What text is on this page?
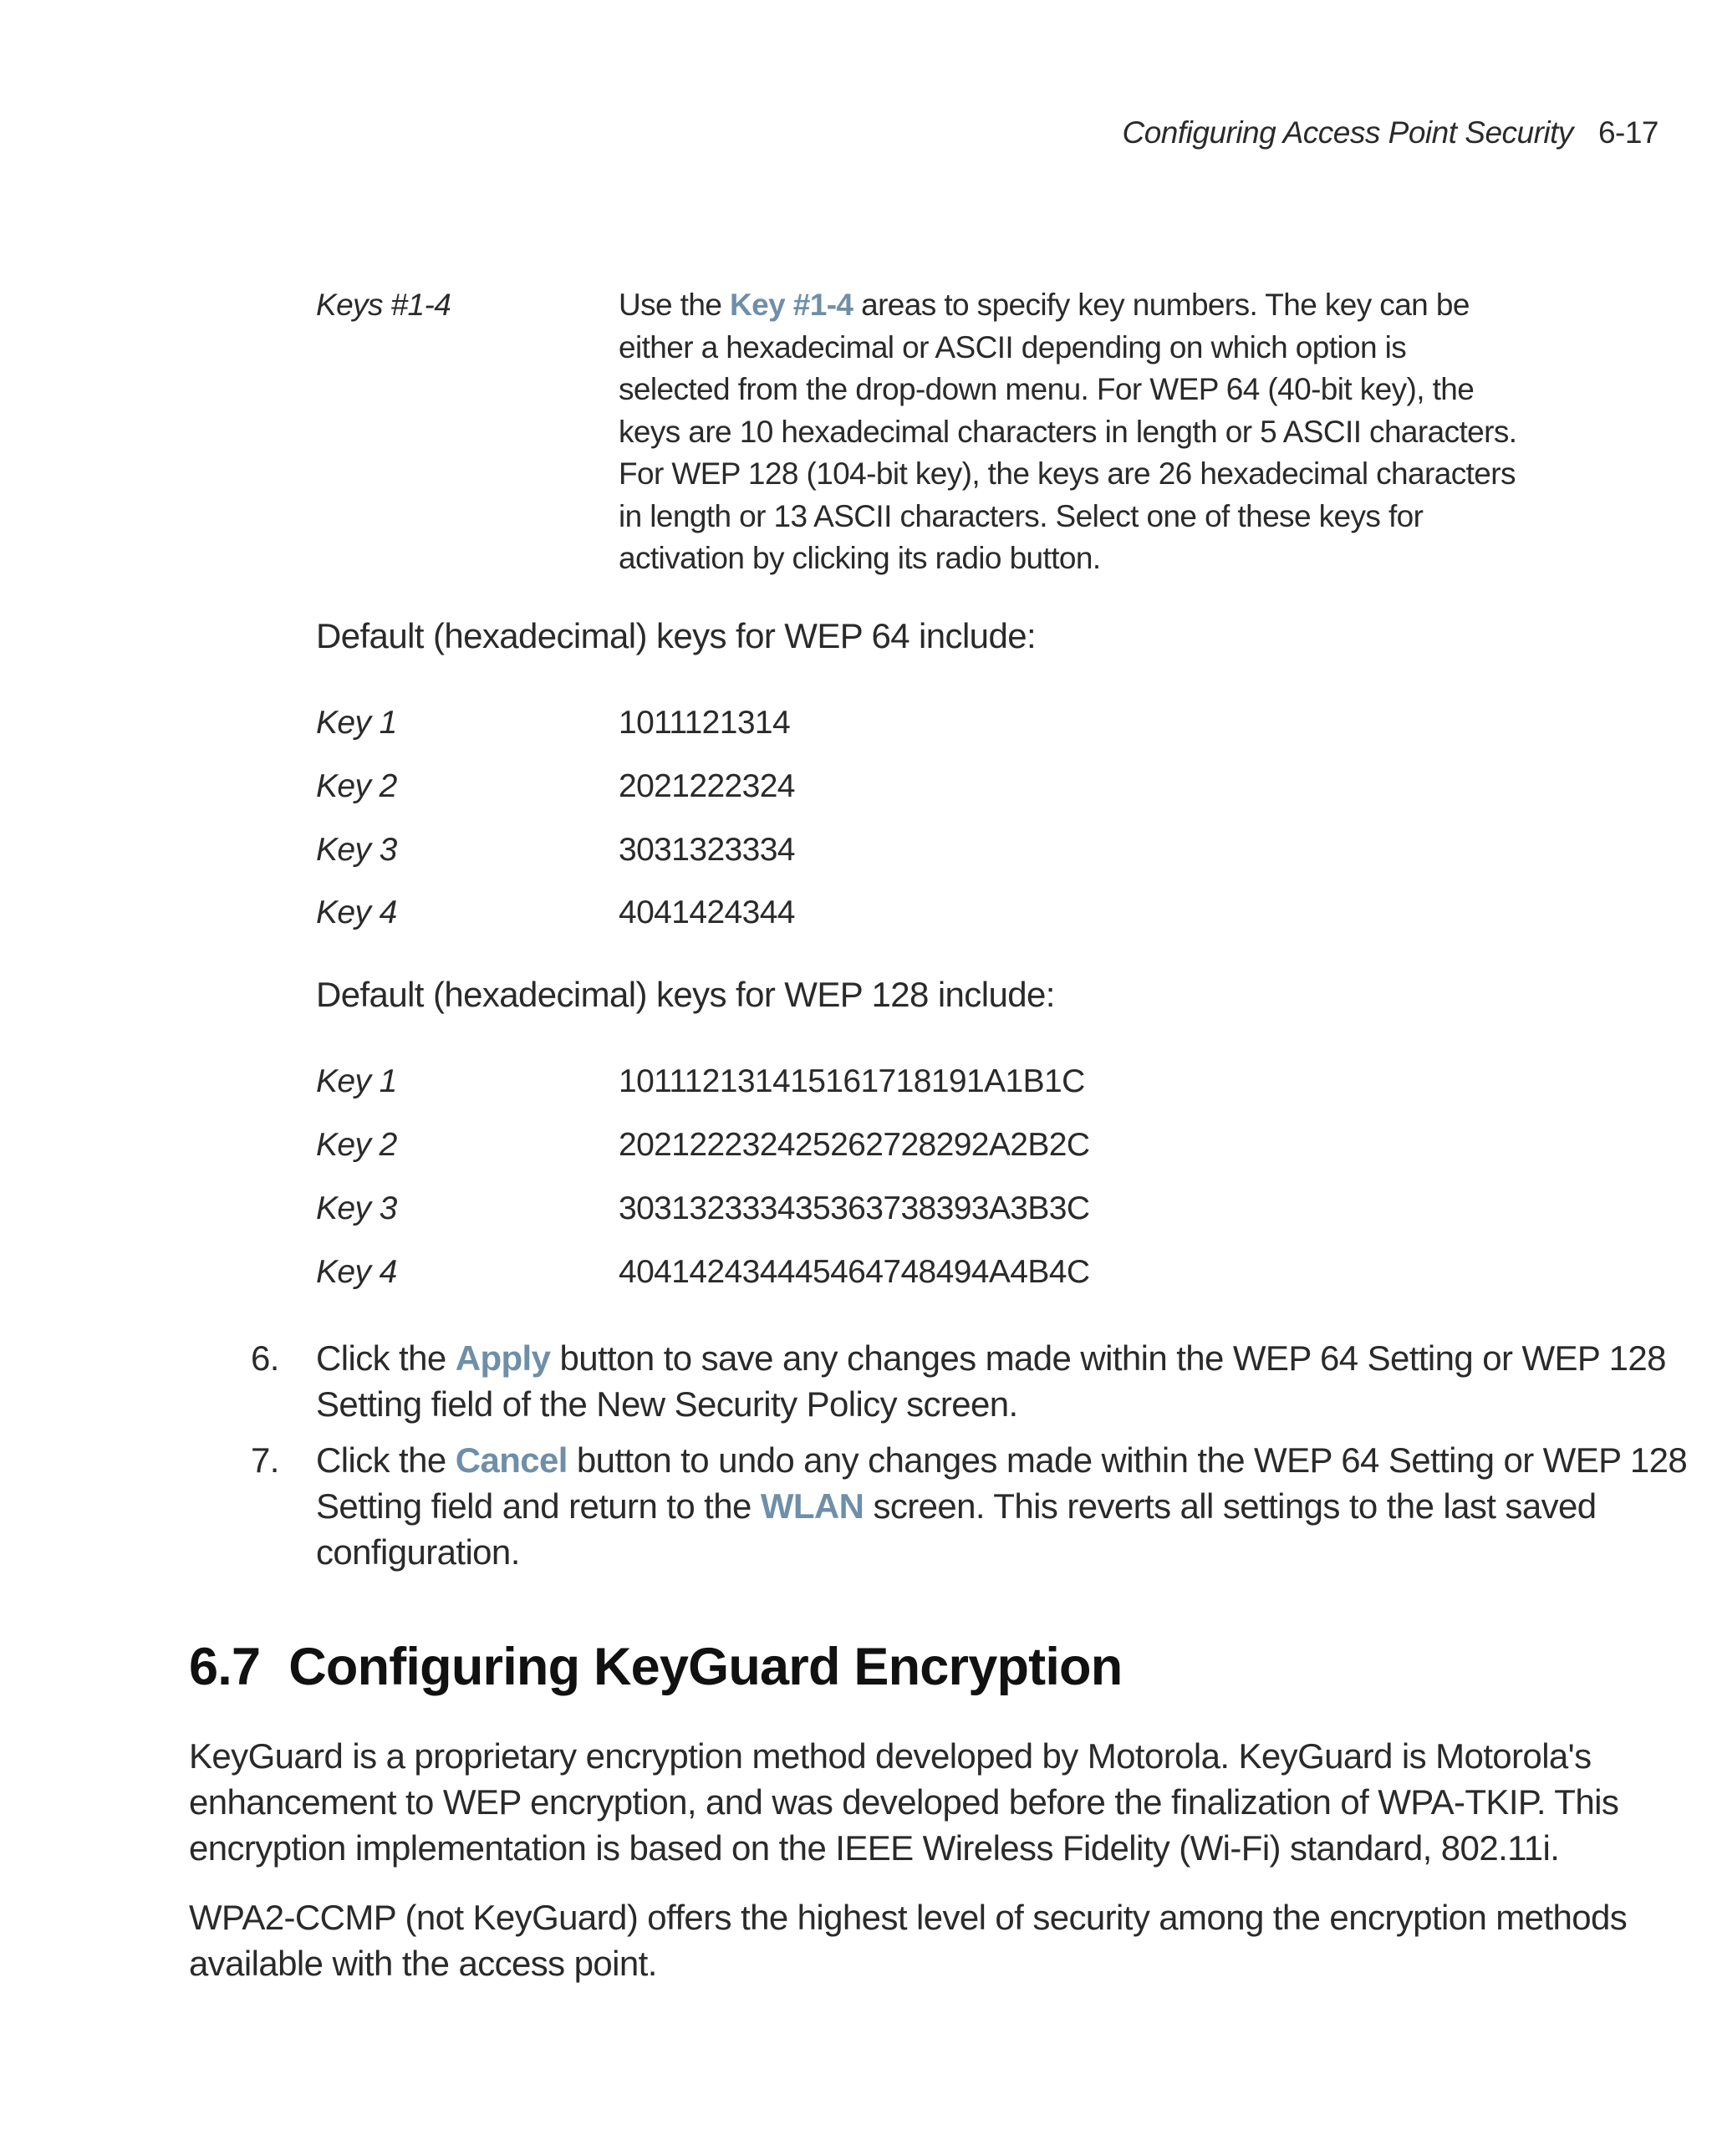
Configuring Access Point Security 6-17
Keys #1-4	Use the Key #1-4 areas to specify key numbers. The key can be
either a hexadecimal or ASCII depending on which option is
selected from the drop-down menu. For WEP 64 (40-bit key), the
keys are 10 hexadecimal characters in length or 5 ASCII characters.
For WEP 128 (104-bit key), the keys are 26 hexadecimal characters
in length or 13 ASCII characters. Select one of these keys for
activation by clicking its radio button.
Default (hexadecimal) keys for WEP 64 include:
Key 1	1011121314
Key 2	2021222324
Key 3	3031323334
Key 4	4041424344
Default (hexadecimal) keys for WEP 128 include:
Key 1	101112131415161718191A1B1C
Key 2	202122232425262728292A2B2C
Key 3	303132333435363738393A3B3C
Key 4	404142434445464748494A4B4C
6. Click the Apply button to save any changes made within the WEP 64 Setting or WEP 128
Setting field of the New Security Policy screen.
7. Click the Cancel button to undo any changes made within the WEP 64 Setting or WEP 128
Setting field and return to the WLAN screen. This reverts all settings to the last saved
configuration.
6.7 Configuring KeyGuard Encryption
KeyGuard is a proprietary encryption method developed by Motorola. KeyGuard is Motorola's
enhancement to WEP encryption, and was developed before the finalization of WPA-TKIP. This
encryption implementation is based on the IEEE Wireless Fidelity (Wi-Fi) standard, 802.11i.
WPA2-CCMP (not KeyGuard) offers the highest level of security among the encryption methods
available with the access point.
